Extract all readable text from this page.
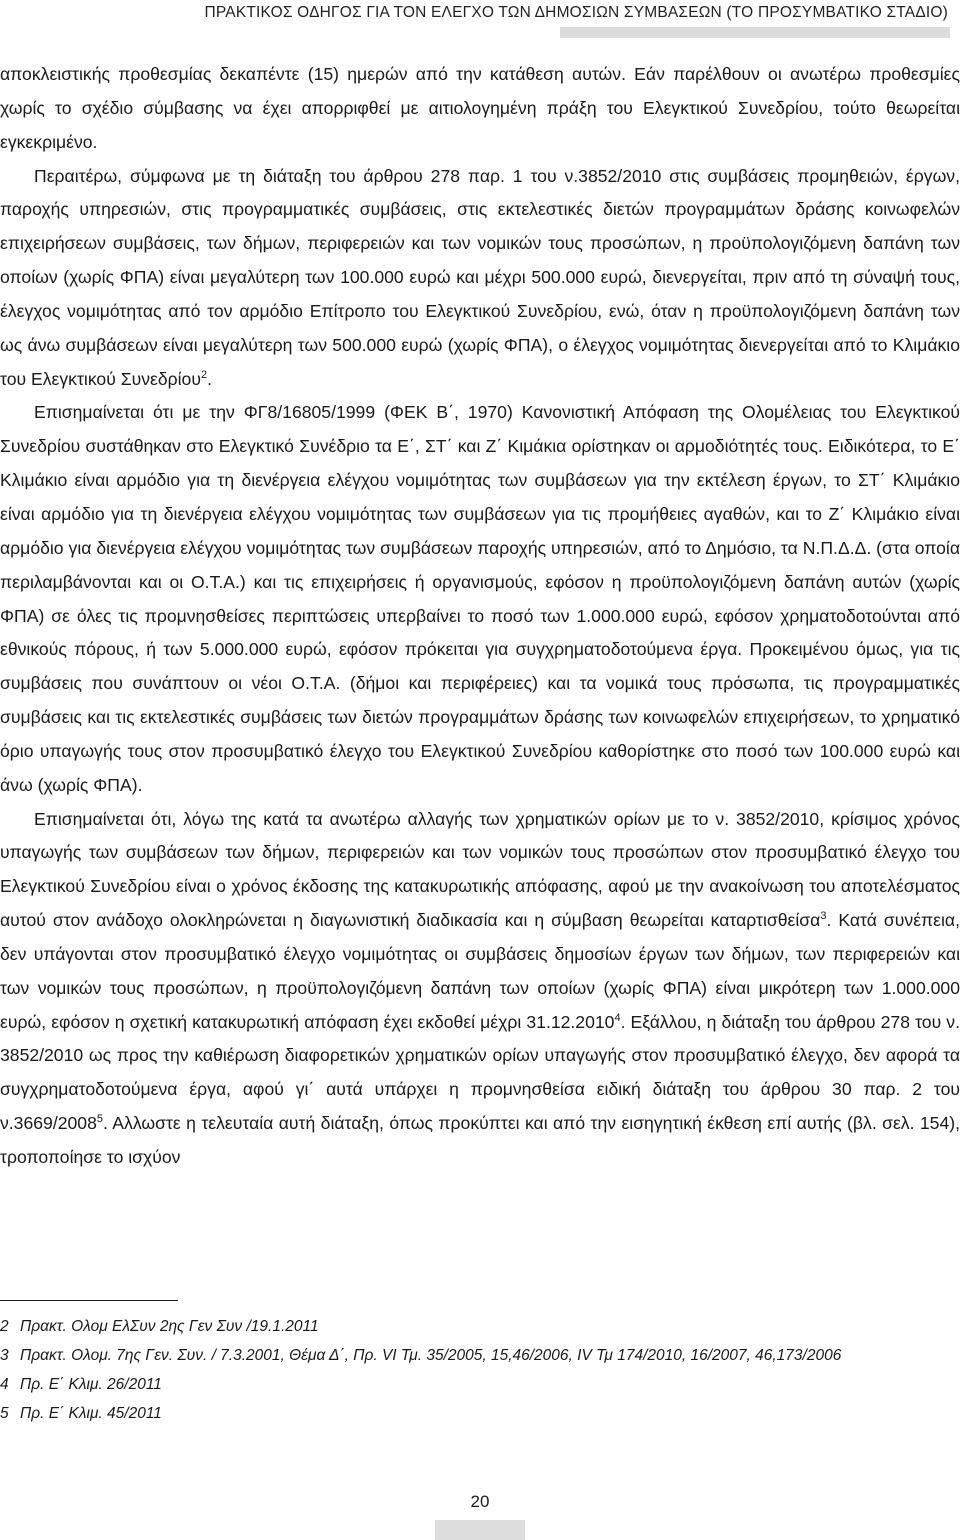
ΠΡΑΚΤΙΚΟΣ ΟΔΗΓΟΣ ΓΙΑ ΤΟΝ ΕΛΕΓΧΟ ΤΩΝ ΔΗΜΟΣΙΩΝ ΣΥΜΒΑΣΕΩΝ (ΤΟ ΠΡΟΣΥΜΒΑΤΙΚΟ ΣΤΑΔΙΟ)

αποκλειστικής προθεσμίας δεκαπέντε (15) ημερών από την κατάθεση αυτών. Εάν παρέλθουν οι ανωτέρω προθεσμίες χωρίς το σχέδιο σύμβασης να έχει απορριφθεί με αιτιολογημένη πράξη του Ελεγκτικού Συνεδρίου, τούτο θεωρείται εγκεκριμένο.

Περαιτέρω, σύμφωνα με τη διάταξη του άρθρου 278 παρ. 1 του ν.3852/2010 στις συμβάσεις προμηθειών, έργων, παροχής υπηρεσιών, στις προγραμματικές συμβάσεις, στις εκτελεστικές διετών προγραμμάτων δράσης κοινωφελών επιχειρήσεων συμβάσεις, των δήμων, περιφερειών και των νομικών τους προσώπων, η προϋπολογιζόμενη δαπάνη των οποίων (χωρίς ΦΠΑ) είναι μεγαλύτερη των 100.000 ευρώ και μέχρι 500.000 ευρώ, διενεργείται, πριν από τη σύναψή τους, έλεγχος νομιμότητας από τον αρμόδιο Επίτροπο του Ελεγκτικού Συνεδρίου, ενώ, όταν η προϋπολογιζόμενη δαπάνη των ως άνω συμβάσεων είναι μεγαλύτερη των 500.000 ευρώ (χωρίς ΦΠΑ), ο έλεγχος νομιμότητας διενεργείται από το Κλιμάκιο του Ελεγκτικού Συνεδρίου$^2$.

Επισημαίνεται ότι με την ΦΓ8/16805/1999 (ΦΕΚ Β΄, 1970) Κανονιστική Απόφαση της Ολομέλειας του Ελεγκτικού Συνεδρίου συστάθηκαν στο Ελεγκτικό Συνέδριο τα Ε΄, ΣΤ΄ και Ζ΄ Κιμάκια ορίστηκαν οι αρμοδιότητές τους. Ειδικότερα, το Ε΄ Κλιμάκιο είναι αρμόδιο για τη διενέργεια ελέγχου νομιμότητας των συμβάσεων για την εκτέλεση έργων, το ΣΤ΄ Κλιμάκιο είναι αρμόδιο για τη διενέργεια ελέγχου νομιμότητας των συμβάσεων για τις προμήθειες αγαθών, και το Ζ΄ Κλιμάκιο είναι αρμόδιο για διενέργεια ελέγχου νομιμότητας των συμβάσεων παροχής υπηρεσιών, από το Δημόσιο, τα Ν.Π.Δ.Δ. (στα οποία περιλαμβάνονται και οι Ο.Τ.Α.) και τις επιχειρήσεις ή οργανισμούς, εφόσον η προϋπολογιζόμενη δαπάνη αυτών (χωρίς ΦΠΑ) σε όλες τις προμνησθείσες περιπτώσεις υπερβαίνει το ποσό των 1.000.000 ευρώ, εφόσον χρηματοδοτούνται από εθνικούς πόρους, ή των 5.000.000 ευρώ, εφόσον πρόκειται για συγχρηματοδοτούμενα έργα. Προκειμένου όμως, για τις συμβάσεις που συνάπτουν οι νέοι Ο.Τ.Α. (δήμοι και περιφέρειες) και τα νομικά τους πρόσωπα, τις προγραμματικές συμβάσεις και τις εκτελεστικές συμβάσεις των διετών προγραμμάτων δράσης των κοινωφελών επιχειρήσεων, το χρηματικό όριο υπαγωγής τους στον προσυμβατικό έλεγχο του Ελεγκτικού Συνεδρίου καθορίστηκε στο ποσό των 100.000 ευρώ και άνω (χωρίς ΦΠΑ).

Επισημαίνεται ότι, λόγω της κατά τα ανωτέρω αλλαγής των χρηματικών ορίων με το ν. 3852/2010, κρίσιμος χρόνος υπαγωγής των συμβάσεων των δήμων, περιφερειών και των νομικών τους προσώπων στον προσυμβατικό έλεγχο του Ελεγκτικού Συνεδρίου είναι ο χρόνος έκδοσης της κατακυρωτικής απόφασης, αφού με την ανακοίνωση του αποτελέσματος αυτού στον ανάδοχο ολοκληρώνεται η διαγωνιστική διαδικασία και η σύμβαση θεωρείται καταρτισθείσα$^3$. Κατά συνέπεια, δεν υπάγονται στον προσυμβατικό έλεγχο νομιμότητας οι συμβάσεις δημοσίων έργων των δήμων, των περιφερειών και των νομικών τους προσώπων, η προϋπολογιζόμενη δαπάνη των οποίων (χωρίς ΦΠΑ) είναι μικρότερη των 1.000.000 ευρώ, εφόσον η σχετική κατακυρωτική απόφαση έχει εκδοθεί μέχρι 31.12.2010$^4$. Εξάλλου, η διάταξη του άρθρου 278 του ν. 3852/2010 ως προς την καθιέρωση διαφορετικών χρηματικών ορίων υπαγωγής στον προσυμβατικό έλεγχο, δεν αφορά τα συγχρηματοδοτούμενα έργα, αφού γι΄ αυτά υπάρχει η προμνησθείσα ειδική διάταξη του άρθρου 30 παρ. 2 του ν.3669/2008$^5$. Αλλωστε η τελευταία αυτή διάταξη, όπως προκύπτει και από την εισηγητική έκθεση επί αυτής (βλ. σελ. 154), τροποποίησε το ισχύον

2 Πρακτ. Ολομ ΕλΣυν 2ης Γεν Συν /19.1.2011
3 Πρακτ. Ολομ. 7ης Γεν. Συν. / 7.3.2001, Θέμα Δ΄, Πρ. VI Τμ. 35/2005, 15,46/2006, IV Τμ 174/2010, 16/2007, 46,173/2006
4 Πρ. Ε΄ Κλιμ. 26/2011
5 Πρ. Ε΄ Κλιμ. 45/2011
20
